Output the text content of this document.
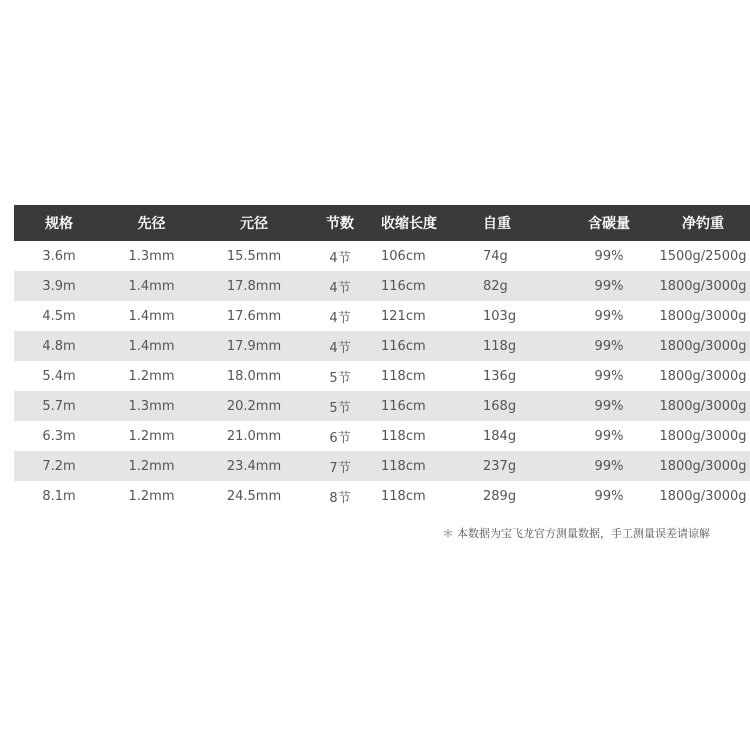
规格	先径	元径	节数	收缩长度	自重	含碳量	净钓重
3.6m	1.3mm	15.5mm	4节	106cm	74g	99%	1500g/2500g
3.9m	1.4mm	17.8mm	4节	116cm	82g	99%	1800g/3000g
4.5m	1.4mm	17.6mm	4节	121cm	103g	99%	1800g/3000g
4.8m	1.4mm	17.9mm	4节	116cm	118g	99%	1800g/3000g
5.4m	1.2mm	18.0mm	5节	118cm	136g	99%	1800g/3000g
5.7m	1.3mm	20.2mm	5节	116cm	168g	99%	1800g/3000g
6.3m	1.2mm	21.0mm	6节	118cm	184g	99%	1800g/3000g
7.2m	1.2mm	23.4mm	7节	118cm	237g	99%	1800g/3000g
8.1m	1.2mm	24.5mm	8节	118cm	289g	99%	1800g/3000g
＊ 本数据为宝飞龙官方测量数据，手工测量误差请谅解
